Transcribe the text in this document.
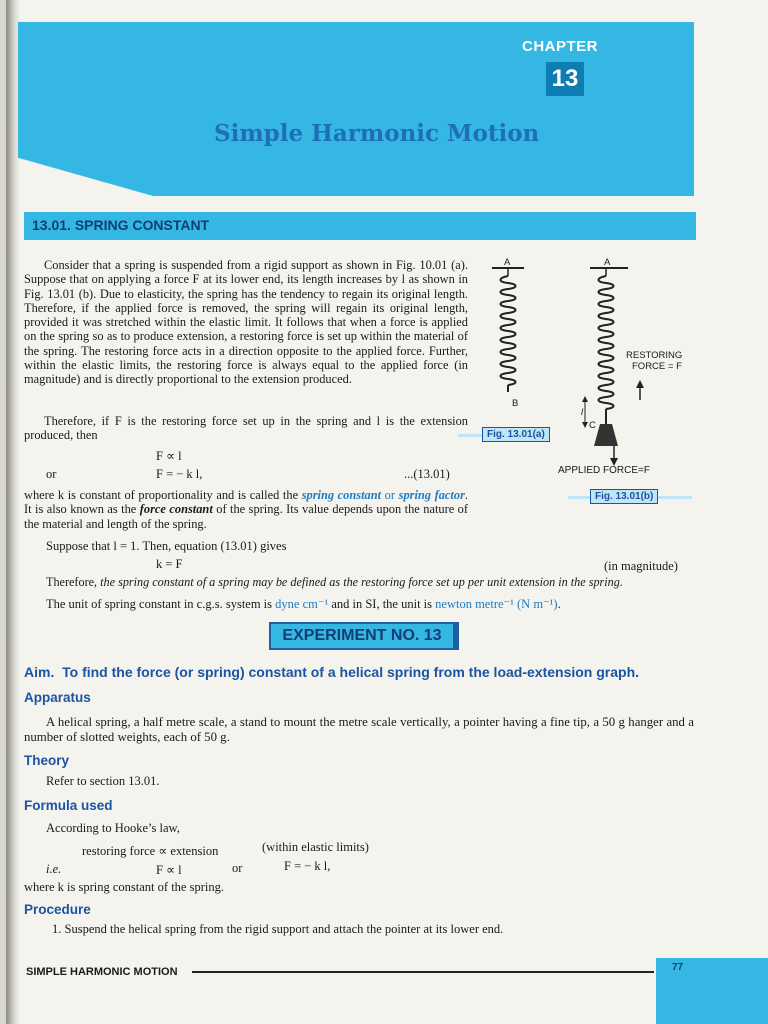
CHAPTER
13
Simple Harmonic Motion
13.01. SPRING CONSTANT

Consider that a spring is suspended from a rigid support as shown in Fig. 10.01 (a). Suppose that on applying a force F at its lower end, its length increases by l as shown in Fig. 13.01 (b). Due to elasticity, the spring has the tendency to regain its original length. Therefore, if the applied force is removed, the spring will regain its original length, provided it was stretched within the elastic limit. It follows that when a force is applied on the spring so as to produce extension, a restoring force is set up within the material of the spring. The restoring force acts in a direction opposite to the applied force. Further, within the elastic limits, the restoring force is always equal to the applied force (in magnitude) and is directly proportional to the extension produced.

Therefore, if F is the restoring force set up in the spring and l is the extension produced, then

F ∝ l
or	F = − k l,	...(13.01)
where k is constant of proportionality and is called the spring constant or spring factor. It is also known as the force constant of the spring. Its value depends upon the nature of the material and length of the spring.
Suppose that l = 1. Then, equation (13.01) gives
k = F	(in magnitude)
Therefore, the spring constant of a spring may be defined as the restoring force set up per unit extension in the spring.
The unit of spring constant in c.g.s. system is dyne cm⁻¹ and in SI, the unit is newton metre⁻¹ (N m⁻¹).
A
B
A
C
l
RESTORING
FORCE = F
APPLIED FORCE=F
Fig. 13.01(a)
Fig. 13.01(b)
EXPERIMENT NO. 13
Aim. To find the force (or spring) constant of a helical spring from the load-extension graph.
Apparatus
A helical spring, a half metre scale, a stand to mount the metre scale vertically, a pointer having a fine tip, a 50 g hanger and a number of slotted weights, each of 50 g.
Theory
Refer to section 13.01.
Formula used
According to Hooke’s law,
restoring force ∝ extension	(within elastic limits)
i.e.	F ∝ l	or	F = − k l,
where k is spring constant of the spring.
Procedure
1. Suspend the helical spring from the rigid support and attach the pointer at its lower end.
SIMPLE HARMONIC MOTION	77
